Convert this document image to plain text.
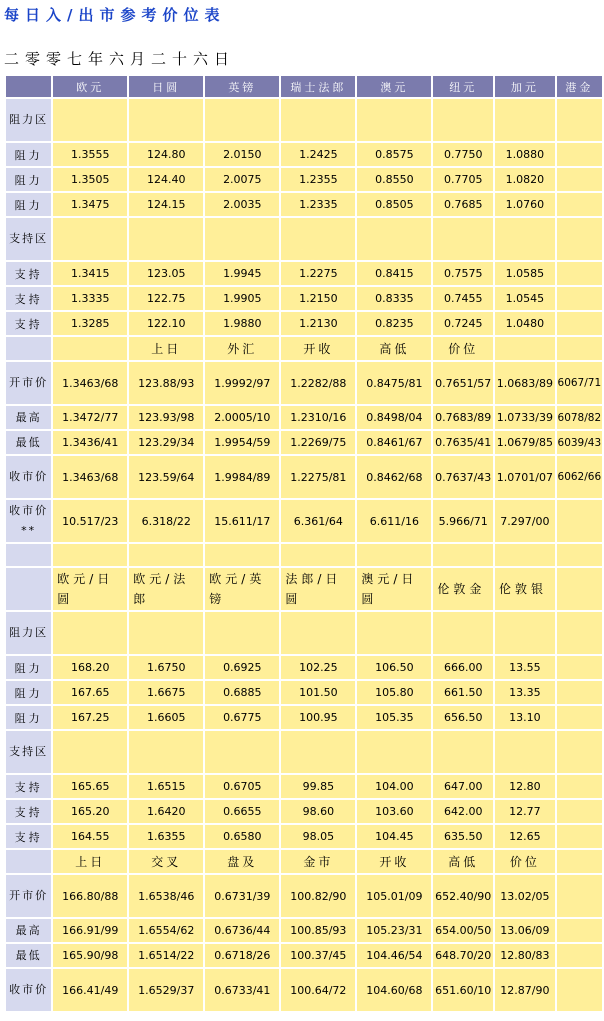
每日入/出市参考价位表
二零零七年六月二十六日
	欧元	日圆	英镑	瑞士法郎	澳元	纽元	加元	港金
阻力区								
阻力	1.3555	124.80	2.0150	1.2425	0.8575	0.7750	1.0880	
阻力	1.3505	124.40	2.0075	1.2355	0.8550	0.7705	1.0820	
阻力	1.3475	124.15	2.0035	1.2335	0.8505	0.7685	1.0760	
支持区								
支持	1.3415	123.05	1.9945	1.2275	0.8415	0.7575	1.0585	
支持	1.3335	122.75	1.9905	1.2150	0.8335	0.7455	1.0545	
支持	1.3285	122.10	1.9880	1.2130	0.8235	0.7245	1.0480	
		上日	外汇	开收	高低	价位		
开市价	1.3463/68	123.88/93	1.9992/97	1.2282/88	0.8475/81	0.7651/57	1.0683/89	6067/71
最高	1.3472/77	123.93/98	2.0005/10	1.2310/16	0.8498/04	0.7683/89	1.0733/39	6078/82
最低	1.3436/41	123.29/34	1.9954/59	1.2269/75	0.8461/67	0.7635/41	1.0679/85	6039/43
收市价	1.3463/68	123.59/64	1.9984/89	1.2275/81	0.8462/68	0.7637/43	1.0701/07	6062/66
收市价**	10.517/23	6.318/22	15.611/17	6.361/64	6.611/16	5.966/71	7.297/00	

	欧元/日圆	欧元/法郎	欧元/英镑	法郎/日圆	澳元/日圆	伦敦金	伦敦银	
阻力区								
阻力	168.20	1.6750	0.6925	102.25	106.50	666.00	13.55	
阻力	167.65	1.6675	0.6885	101.50	105.80	661.50	13.35	
阻力	167.25	1.6605	0.6775	100.95	105.35	656.50	13.10	
支持区								
支持	165.65	1.6515	0.6705	99.85	104.00	647.00	12.80	
支持	165.20	1.6420	0.6655	98.60	103.60	642.00	12.77	
支持	164.55	1.6355	0.6580	98.05	104.45	635.50	12.65	
	上日	交叉	盘及	金市	开收	高低	价位	
开市价	166.80/88	1.6538/46	0.6731/39	100.82/90	105.01/09	652.40/90	13.02/05	
最高	166.91/99	1.6554/62	0.6736/44	100.85/93	105.23/31	654.00/50	13.06/09	
最低	165.90/98	1.6514/22	0.6718/26	100.37/45	104.46/54	648.70/20	12.80/83	
收市价	166.41/49	1.6529/37	0.6733/41	100.64/72	104.60/68	651.60/10	12.87/90	
